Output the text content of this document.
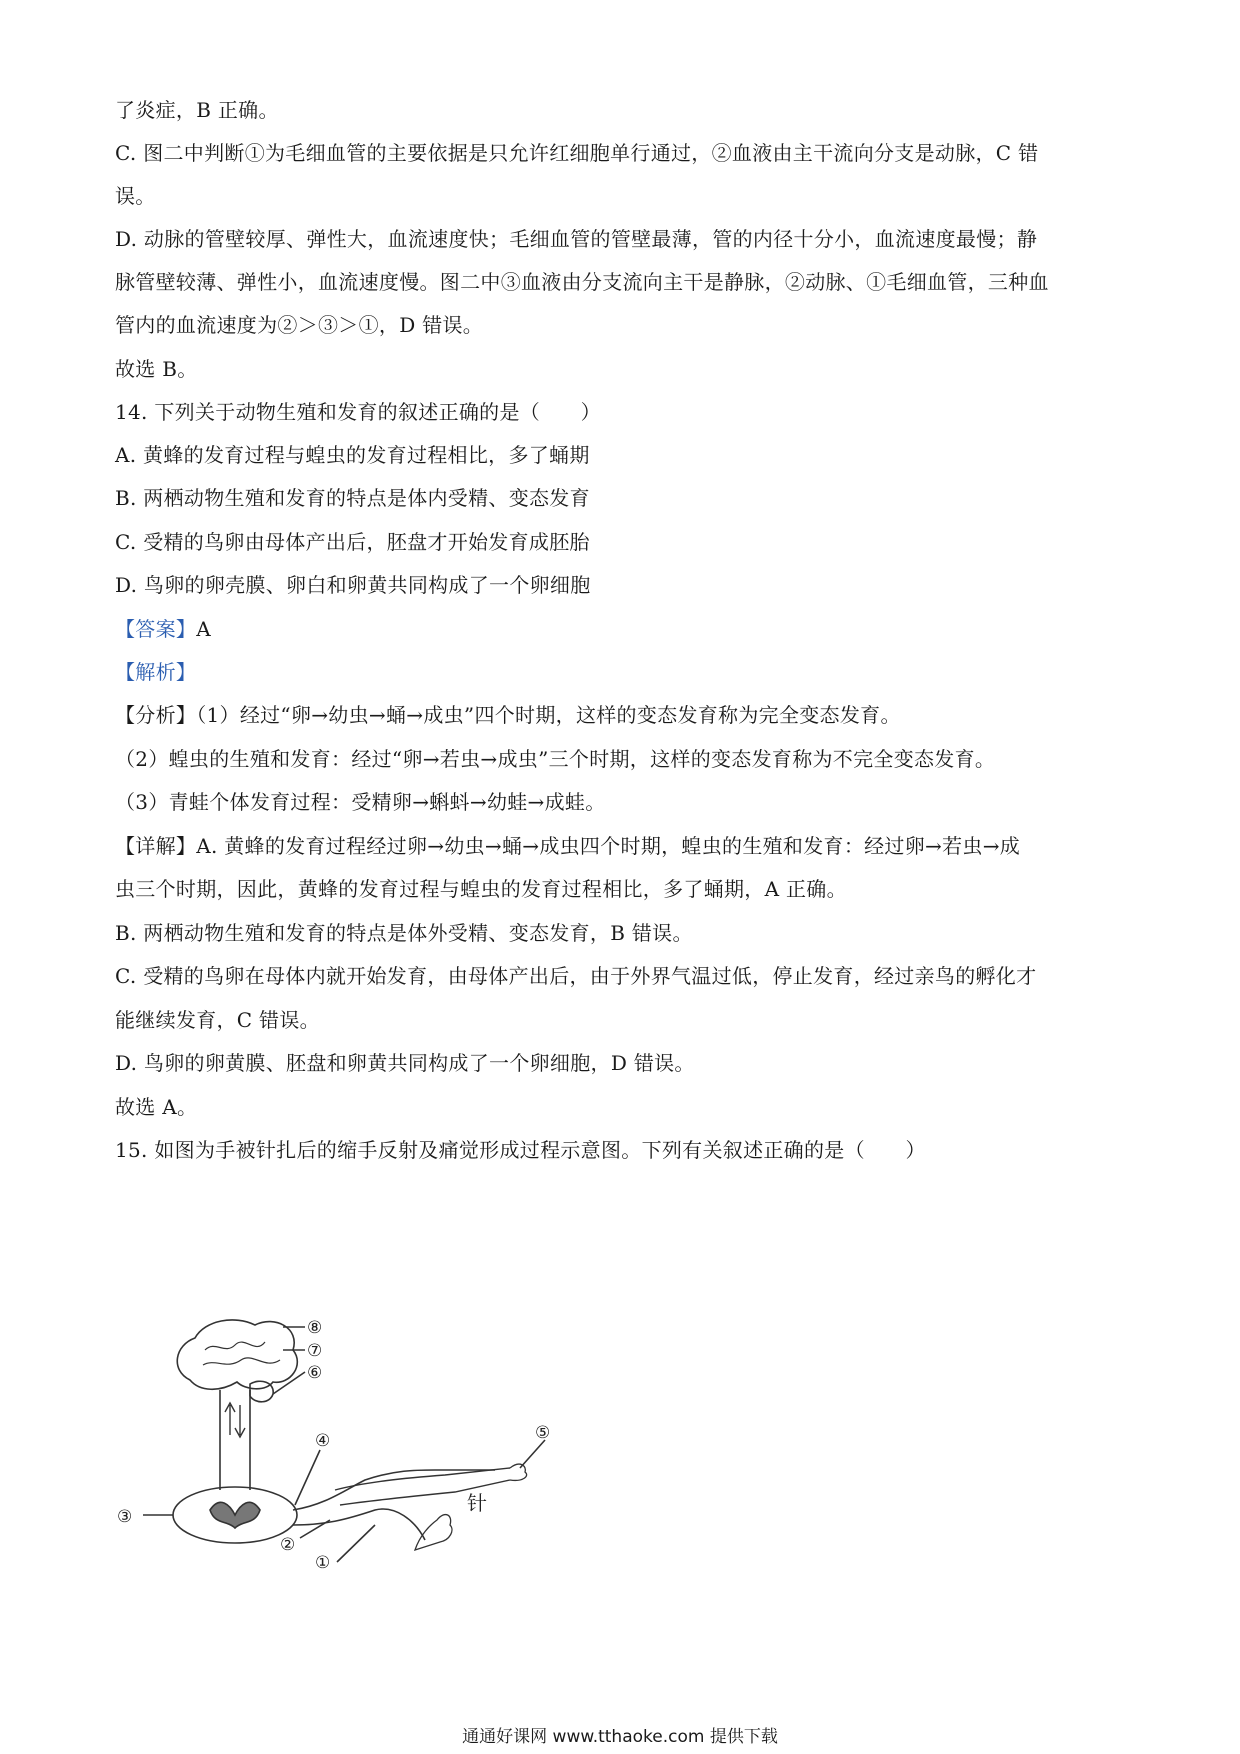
了炎症，B 正确。
C. 图二中判断①为毛细血管的主要依据是只允许红细胞单行通过，②血液由主干流向分支是动脉，C 错
误。
D. 动脉的管壁较厚、弹性大，血流速度快；毛细血管的管壁最薄，管的内径十分小，血流速度最慢；静
脉管壁较薄、弹性小，血流速度慢。图二中③血液由分支流向主干是静脉，②动脉、①毛细血管，三种血
管内的血流速度为②＞③＞①，D 错误。
故选 B。
14. 下列关于动物生殖和发育的叙述正确的是（　　）
A. 黄蜂的发育过程与蝗虫的发育过程相比，多了蛹期
B. 两栖动物生殖和发育的特点是体内受精、变态发育
C. 受精的鸟卵由母体产出后，胚盘才开始发育成胚胎
D. 鸟卵的卵壳膜、卵白和卵黄共同构成了一个卵细胞
【答案】A
【解析】
【分析】（1）经过“卵→幼虫→蛹→成虫”四个时期，这样的变态发育称为完全变态发育。
（2）蝗虫的生殖和发育：经过“卵→若虫→成虫”三个时期，这样的变态发育称为不完全变态发育。
（3）青蛙个体发育过程：受精卵→蝌蚪→幼蛙→成蛙。
【详解】A. 黄蜂的发育过程经过卵→幼虫→蛹→成虫四个时期，蝗虫的生殖和发育：经过卵→若虫→成
虫三个时期，因此，黄蜂的发育过程与蝗虫的发育过程相比，多了蛹期，A 正确。
B. 两栖动物生殖和发育的特点是体外受精、变态发育，B 错误。
C. 受精的鸟卵在母体内就开始发育，由母体产出后，由于外界气温过低，停止发育，经过亲鸟的孵化才
能继续发育，C 错误。
D. 鸟卵的卵黄膜、胚盘和卵黄共同构成了一个卵细胞，D 错误。
故选 A。
15. 如图为手被针扎后的缩手反射及痛觉形成过程示意图。下列有关叙述正确的是（　　）
⑧
⑦
⑥
④	⑤
③
②
①
针
通通好课网 www.tthaoke.com 提供下载
